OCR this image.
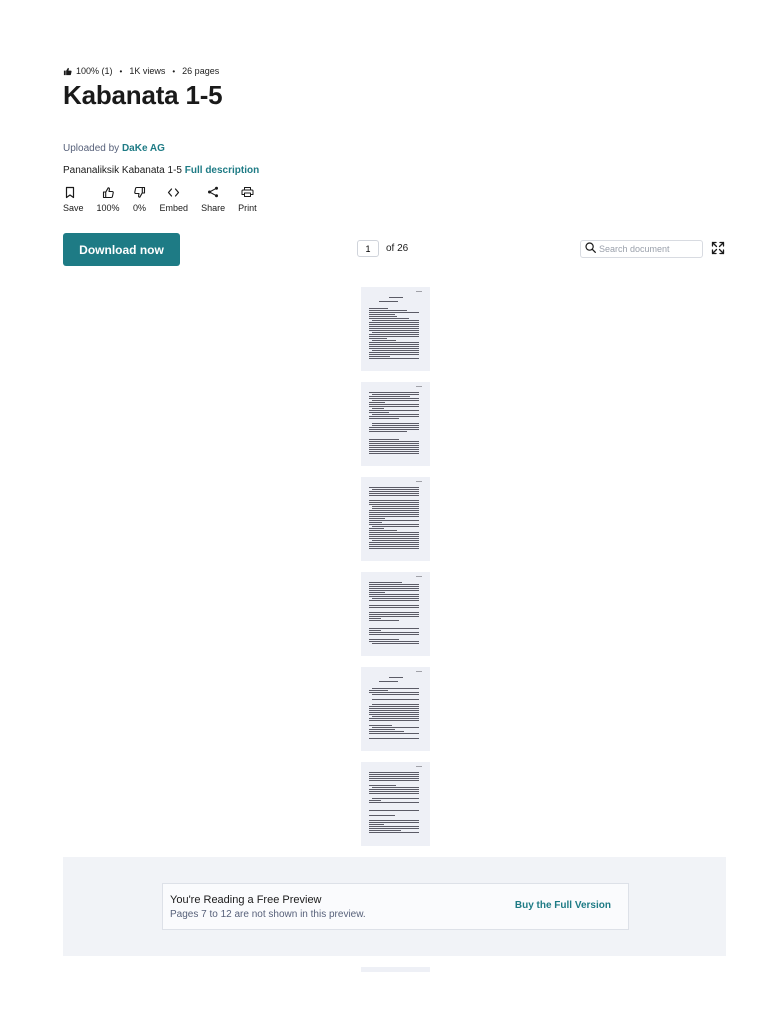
100% (1) • 1K views • 26 pages
Kabanata 1-5
Uploaded by DaKe AG
Pananaliksik Kabanata 1-5 Full description
Save 100% 0% Embed Share Print
Download now
1	of 26
Search document
You're Reading a Free Preview
Pages 7 to 12 are not shown in this preview.
Buy the Full Version
